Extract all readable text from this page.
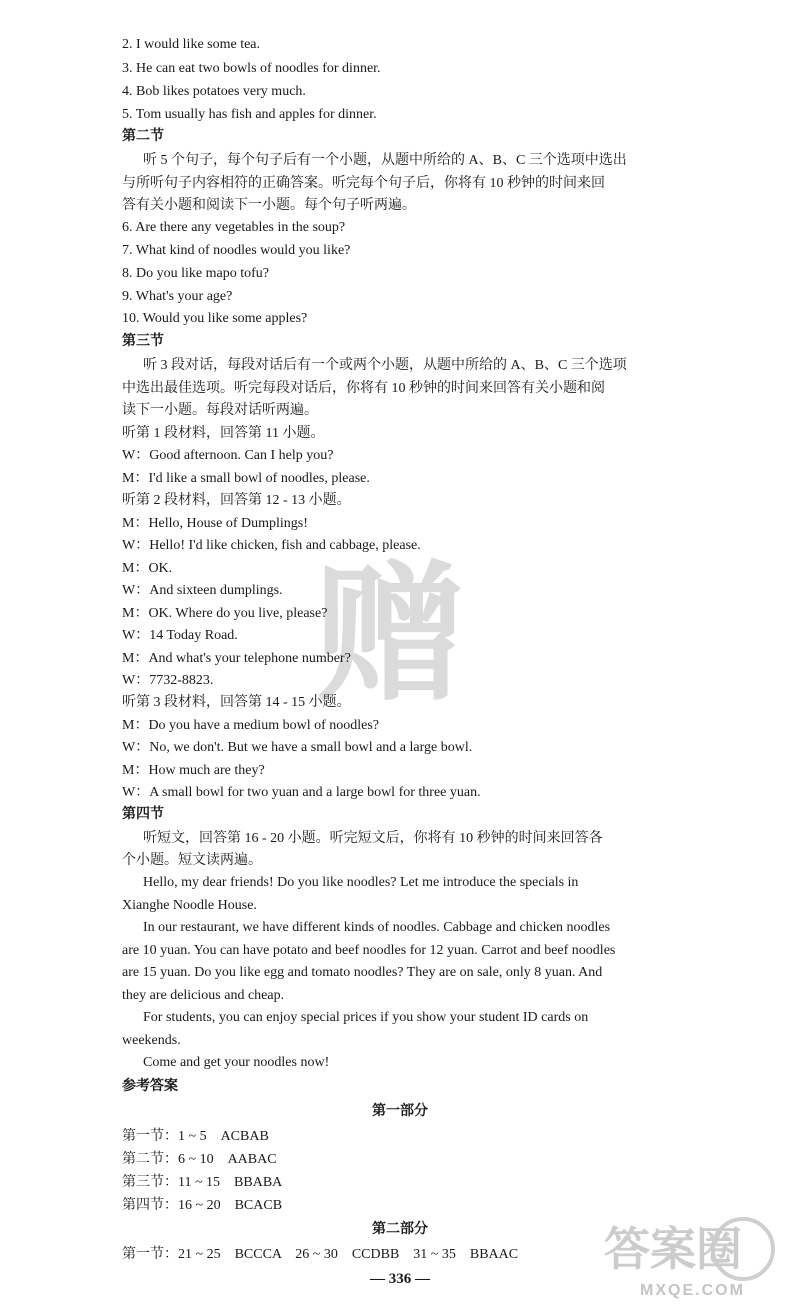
赠
2. I would like some tea.
3. He can eat two bowls of noodles for dinner.
4. Bob likes potatoes very much.
5. Tom usually has fish and apples for dinner.
第二节
听 5 个句子，每个句子后有一个小题，从题中所给的 A、B、C 三个选项中选出
与所听句子内容相符的正确答案。听完每个句子后，你将有 10 秒钟的时间来回
答有关小题和阅读下一小题。每个句子听两遍。
6. Are there any vegetables in the soup?
7. What kind of noodles would you like?
8. Do you like mapo tofu?
9. What's your age?
10. Would you like some apples?
第三节
听 3 段对话，每段对话后有一个或两个小题，从题中所给的 A、B、C 三个选项
中选出最佳选项。听完每段对话后，你将有 10 秒钟的时间来回答有关小题和阅
读下一小题。每段对话听两遍。
听第 1 段材料，回答第 11 小题。
W：Good afternoon. Can I help you?
M：I'd like a small bowl of noodles, please.
听第 2 段材料，回答第 12 - 13 小题。
M：Hello, House of Dumplings!
W：Hello! I'd like chicken, fish and cabbage, please.
M：OK.
W：And sixteen dumplings.
M：OK. Where do you live, please?
W：14 Today Road.
M：And what's your telephone number?
W：7732-8823.
听第 3 段材料，回答第 14 - 15 小题。
M：Do you have a medium bowl of noodles?
W：No, we don't. But we have a small bowl and a large bowl.
M：How much are they?
W：A small bowl for two yuan and a large bowl for three yuan.
第四节
听短文，回答第 16 - 20 小题。听完短文后，你将有 10 秒钟的时间来回答各
个小题。短文读两遍。
Hello, my dear friends! Do you like noodles? Let me introduce the specials in
Xianghe Noodle House.
In our restaurant, we have different kinds of noodles. Cabbage and chicken noodles
are 10 yuan. You can have potato and beef noodles for 12 yuan. Carrot and beef noodles
are 15 yuan. Do you like egg and tomato noodles? They are on sale, only 8 yuan. And
they are delicious and cheap.
For students, you can enjoy special prices if you show your student ID cards on
weekends.
Come and get your noodles now!
参考答案
第一部分
第一节：1 ~ 5　ACBAB
第二节：6 ~ 10　AABAC
第三节：11 ~ 15　BBABA
第四节：16 ~ 20　BCACB
第二部分
第一节：21 ~ 25　BCCCA　26 ~ 30　CCDBB　31 ~ 35　BBAAC
— 336 —
答案圈
MXQE.COM
